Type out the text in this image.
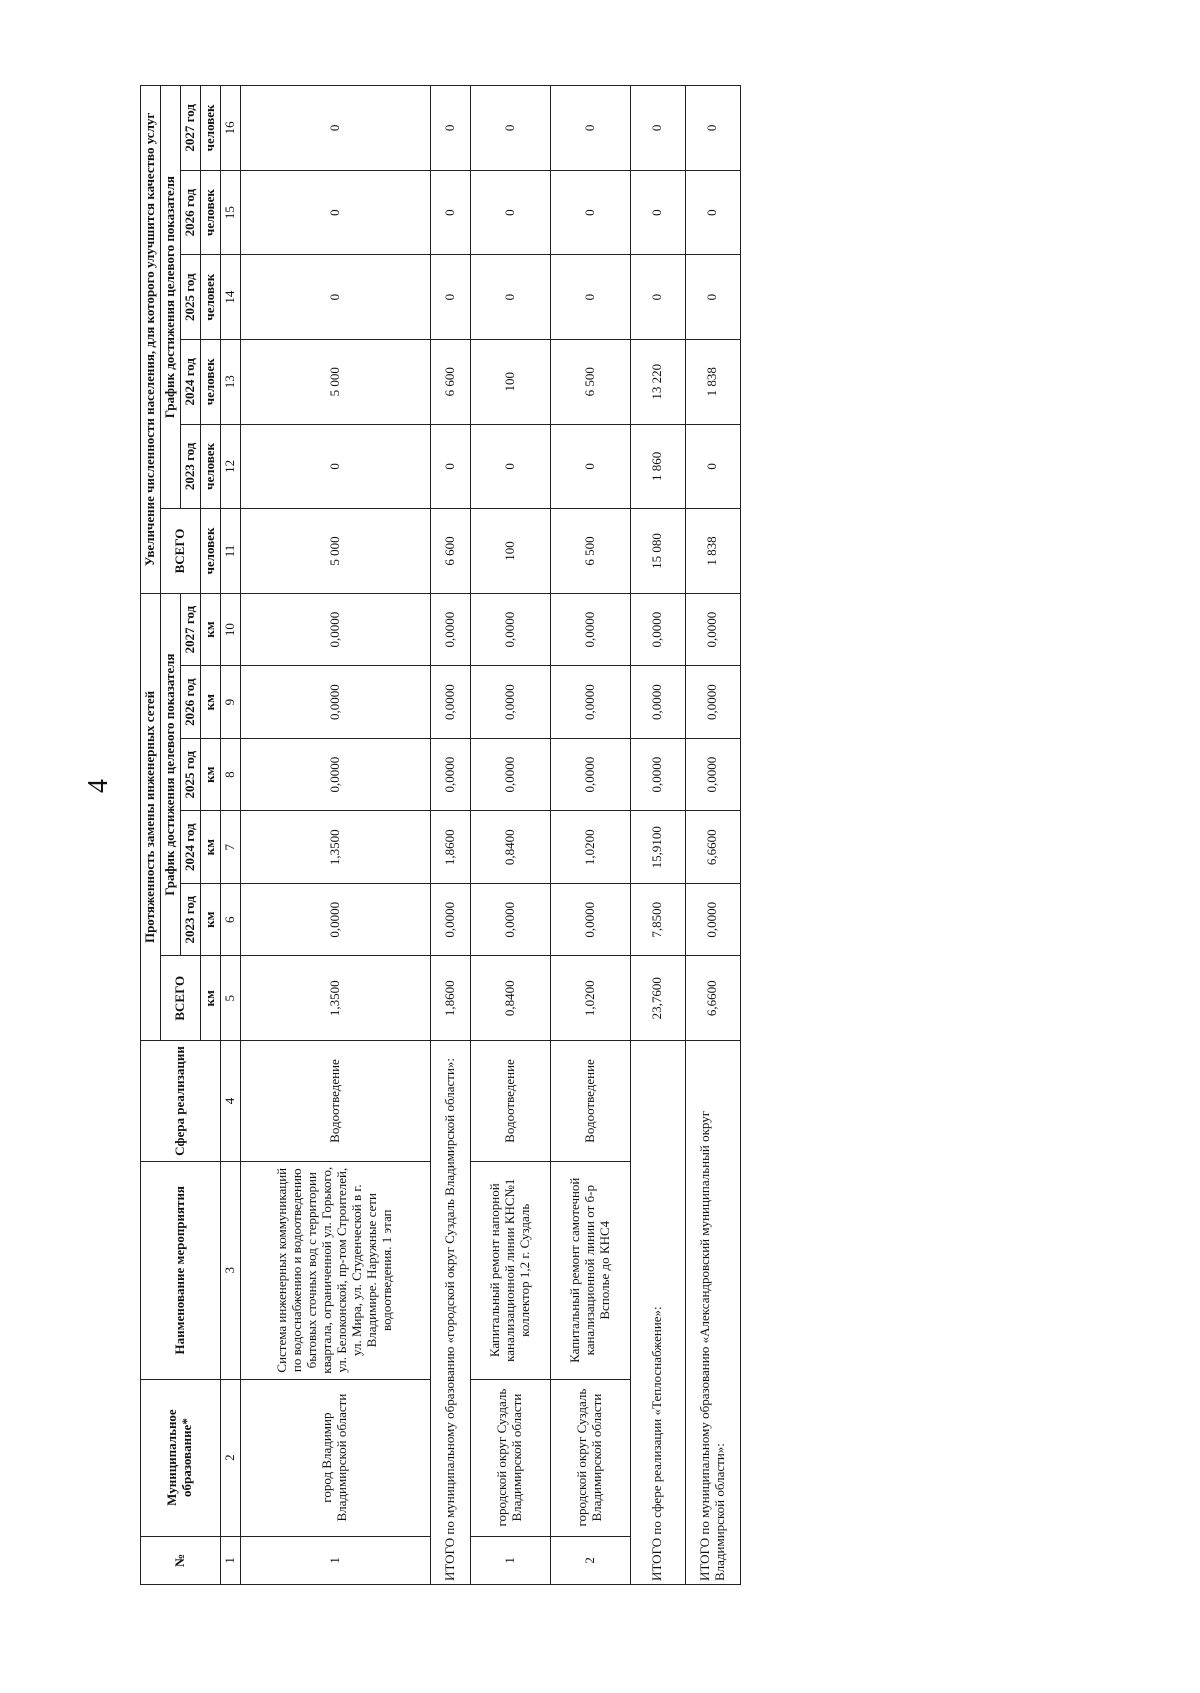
4
№	Муниципальное образование*	Наименование мероприятия	Сфера реализации	Протяженность замены инженерных сетей						Увеличение численности населения, для которого улучшится качество услуг					
				ВСЕГО	График достижения целевого показателя					ВСЕГО	График достижения целевого показателя				
					2023 год	2024 год	2025 год	2026 год	2027 год		2023 год	2024 год	2025 год	2026 год	2027 год
				км	км	км	км	км	км	человек	человек	человек	человек	человек	человек
1	2	3	4	5	6	7	8	9	10	11	12	13	14	15	16
1	город Владимир Владимирской области	Система инженерных коммуникаций по водоснабжению и водоотведению бытовых сточных вод с территории квартала, ограниченной ул. Горького, ул. Белоконской, пр-том Строителей, ул. Мира, ул. Студенческой в г. Владимире. Наружные сети водоотведения. 1 этап	Водоотведение	1,3500	0,0000	1,3500	0,0000	0,0000	0,0000	5 000	0	5 000	0	0	0
ИТОГО по муниципальному образованию «городской округ Суздаль Владимирской области»:				1,8600	0,0000	1,8600	0,0000	0,0000	0,0000	6 600	0	6 600	0	0	0
1	городской округ Суздаль Владимирской области	Капитальный ремонт напорной канализационной линии КНС№1 коллектор 1,2 г. Суздаль	Водоотведение	0,8400	0,0000	0,8400	0,0000	0,0000	0,0000	100	0	100	0	0	0
2	городской округ Суздаль Владимирской области	Капитальный ремонт самотечной канализационной линии от б-р Всполье до КНС4	Водоотведение	1,0200	0,0000	1,0200	0,0000	0,0000	0,0000	6 500	0	6 500	0	0	0
ИТОГО по сфере реализации «Теплоснабжение»:				23,7600	7,8500	15,9100	0,0000	0,0000	0,0000	15 080	1 860	13 220	0	0	0
ИТОГО по муниципальному образованию «Александровский муниципальный округ Владимирской области»:				6,6600	0,0000	6,6600	0,0000	0,0000	0,0000	1 838	0	1 838	0	0	0
